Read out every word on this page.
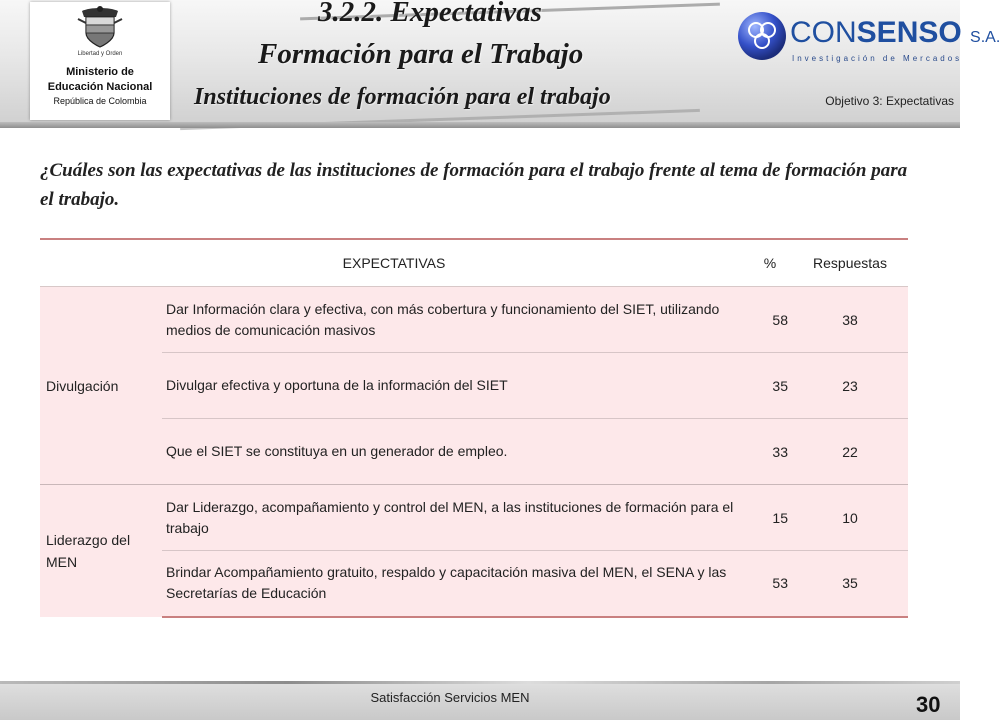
Libertad y Orden
Ministerio de
Educación Nacional
República de Colombia
3.2.2. Expectativas
Formación para el Trabajo
Instituciones de formación para el trabajo
CONSENSO S.A.
Investigación de Mercados
Objetivo 3: Expectativas
¿Cuáles son las expectativas de las instituciones de formación para el trabajo frente al tema de formación para el trabajo.
EXPECTATIVAS		%	Respuestas
Divulgación	Dar Información clara y efectiva, con más cobertura y funcionamiento del SIET, utilizando medios de comunicación masivos	58	38
	Divulgar efectiva y oportuna de la información del SIET	35	23
	Que el SIET se constituya en un generador de empleo.	33	22
Liderazgo del MEN	Dar Liderazgo, acompañamiento y control del MEN, a las instituciones de formación para el trabajo	15	10
	Brindar Acompañamiento gratuito, respaldo y capacitación masiva del MEN, el SENA y las Secretarías de Educación	53	35
Satisfacción Servicios MEN	30
